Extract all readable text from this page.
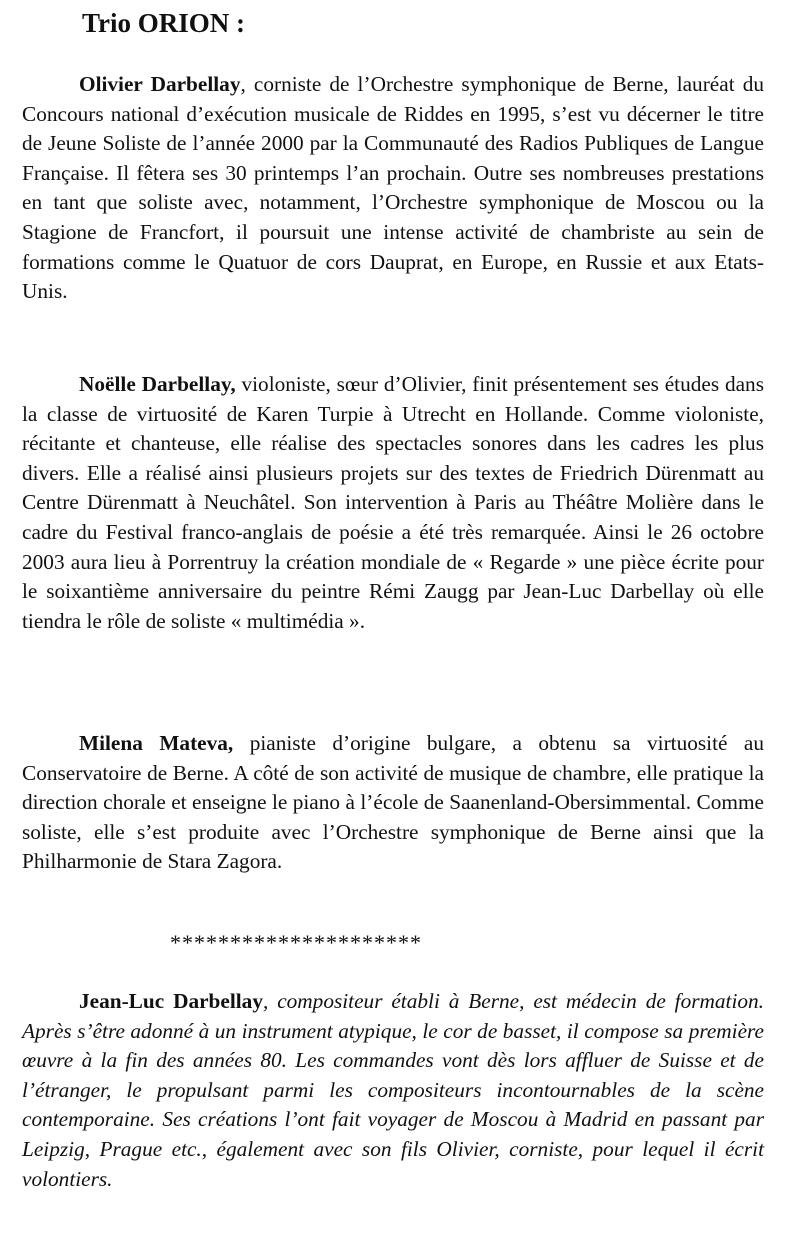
Trio ORION :

Olivier Darbellay, corniste de l’Orchestre symphonique de Berne, lauréat du Concours national d’exécution musicale de Riddes en 1995, s’est vu décerner le titre de Jeune Soliste de l’année 2000 par la Communauté des Radios Publiques de Langue Française. Il fêtera ses 30 printemps l’an prochain. Outre ses nombreuses prestations en tant que soliste avec, notamment, l’Orchestre symphonique de Moscou ou la Stagione de Francfort, il poursuit une intense activité de chambriste au sein de formations comme le Quatuor de cors Dauprat, en Europe, en Russie et aux Etats-Unis.

Noëlle Darbellay, violoniste, sœur d’Olivier, finit présentement ses études dans la classe de virtuosité de Karen Turpie à Utrecht en Hollande. Comme violoniste, récitante et chanteuse, elle réalise des spectacles sonores dans les cadres les plus divers. Elle a réalisé ainsi plusieurs projets sur des textes de Friedrich Dürenmatt au Centre Dürenmatt à Neuchâtel. Son intervention à Paris au Théâtre Molière dans le cadre du Festival franco-anglais de poésie a été très remarquée. Ainsi le 26 octobre 2003 aura lieu à Porrentruy la création mondiale de « Regarde » une pièce écrite pour le soixantième anniversaire du peintre Rémi Zaugg par Jean-Luc Darbellay où elle tiendra le rôle de soliste « multimédia ».

Milena Mateva, pianiste d’origine bulgare, a obtenu sa virtuosité au Conservatoire de Berne. A côté de son activité de musique de chambre, elle pratique la direction chorale et enseigne le piano à l’école de Saanenland-Obersimmental. Comme soliste, elle s’est produite avec l’Orchestre symphonique de Berne ainsi que la Philharmonie de Stara Zagora.

*********************

Jean-Luc Darbellay, compositeur établi à Berne, est médecin de formation. Après s’être adonné à un instrument atypique, le cor de basset, il compose sa première œuvre à la fin des années 80. Les commandes vont dès lors affluer de Suisse et de l’étranger, le propulsant parmi les compositeurs incontournables de la scène contemporaine. Ses créations l’ont fait voyager de Moscou à Madrid en passant par Leipzig, Prague etc., également avec son fils Olivier, corniste, pour lequel il écrit volontiers.
